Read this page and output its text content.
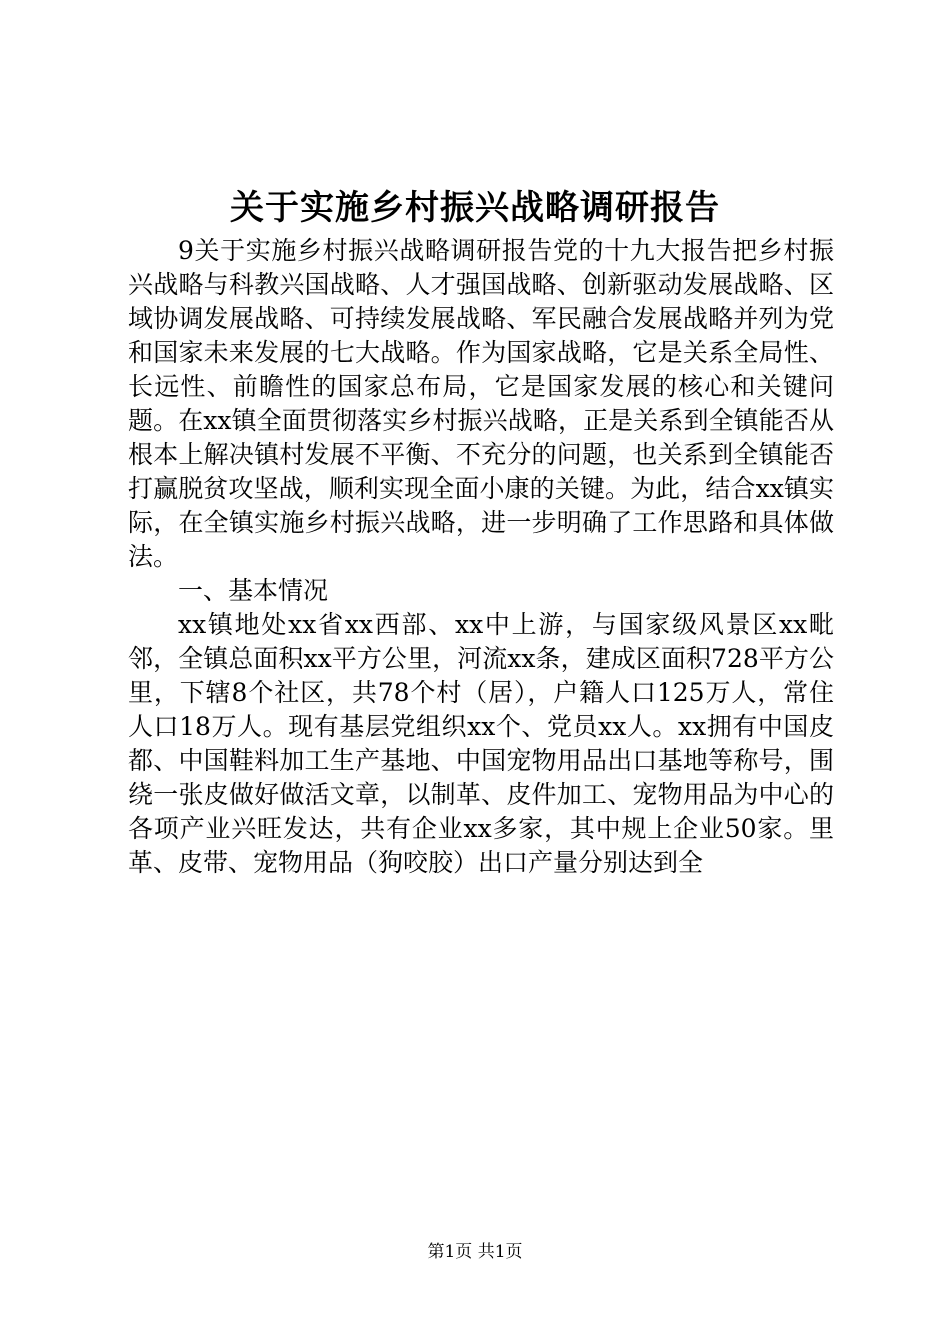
关于实施乡村振兴战略调研报告

9关于实施乡村振兴战略调研报告党的十九大报告把乡村振兴战略与科教兴国战略、人才强国战略、创新驱动发展战略、区域协调发展战略、可持续发展战略、军民融合发展战略并列为党和国家未来发展的七大战略。作为国家战略，它是关系全局性、长远性、前瞻性的国家总布局，它是国家发展的核心和关键问题。在xx镇全面贯彻落实乡村振兴战略，正是关系到全镇能否从根本上解决镇村发展不平衡、不充分的问题，也关系到全镇能否打赢脱贫攻坚战，顺利实现全面小康的关键。为此，结合xx镇实际，在全镇实施乡村振兴战略，进一步明确了工作思路和具体做法。

一、基本情况

xx镇地处xx省xx西部、xx中上游，与国家级风景区xx毗邻，全镇总面积xx平方公里，河流xx条，建成区面积728平方公里，下辖8个社区，共78个村（居），户籍人口125万人，常住人口18万人。现有基层党组织xx个、党员xx人。xx拥有中国皮都、中国鞋料加工生产基地、中国宠物用品出口基地等称号，围绕一张皮做好做活文章，以制革、皮件加工、宠物用品为中心的各项产业兴旺发达，共有企业xx多家，其中规上企业50家。里革、皮带、宠物用品（狗咬胶）出口产量分别达到全

第1页 共1页
